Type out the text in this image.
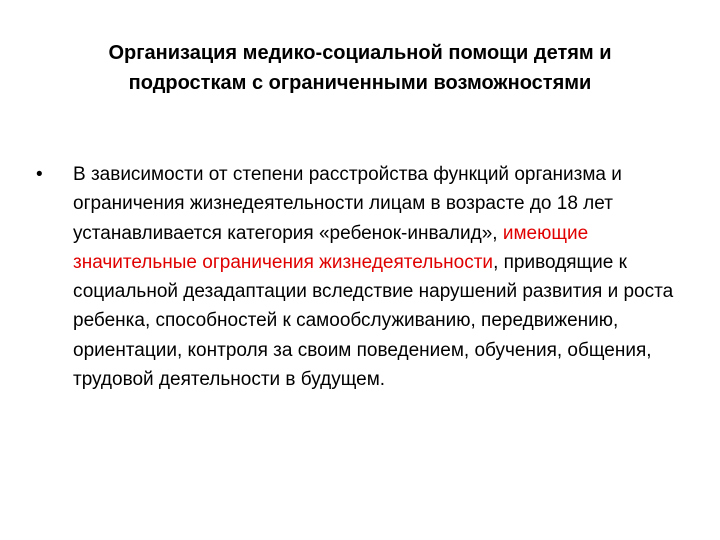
Организация медико-социальной помощи детям и
подросткам с ограниченными возможностями
• В зависимости от степени расстройства функций организма и ограничения жизнедеятельности лицам в возрасте до 18 лет устанавливается категория «ребенок-инвалид», имеющие значительные ограничения жизнедеятельности, приводящие к социальной дезадаптации вследствие нарушений развития и роста ребенка, способностей к самообслуживанию, передвижению, ориентации, контроля за своим поведением, обучения, общения, трудовой деятельности в будущем.
